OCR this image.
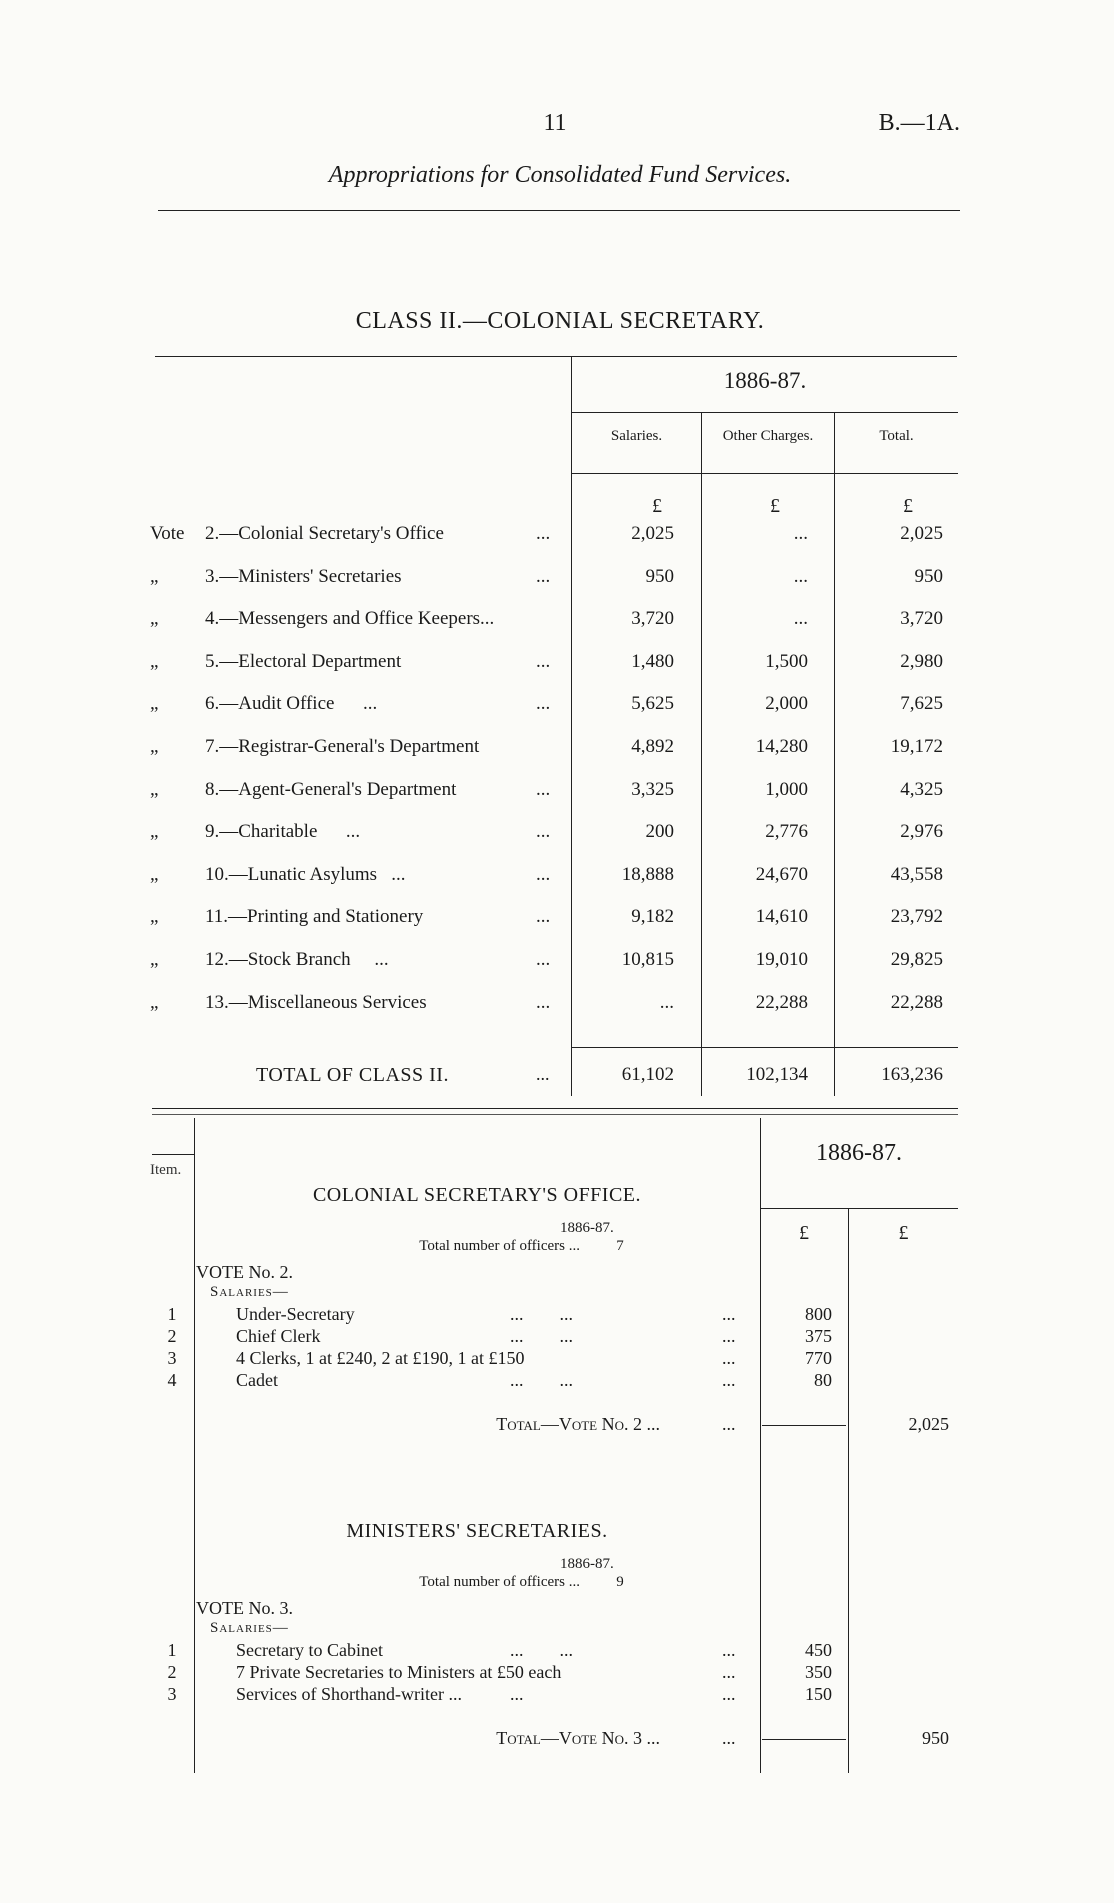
11	B.—1A.
Appropriations for Consolidated Fund Services.
CLASS II.—COLONIAL SECRETARY.
1886-87.
Salaries.	Other Charges.	Total.
£	£	£
Vote	2.—Colonial Secretary's Office	...	2,025	...	2,025
„	3.—Ministers' Secretaries	...	950	...	950
„	4.—Messengers and Office Keepers...	3,720	...	3,720
„	5.—Electoral Department	...	1,480	1,500	2,980
„	6.—Audit Office      ...	...	5,625	2,000	7,625
„	7.—Registrar-General's Department	4,892	14,280	19,172
„	8.—Agent-General's Department	...	3,325	1,000	4,325
„	9.—Charitable      ...	...	200	2,776	2,976
„	10.—Lunatic Asylums   ...	...	18,888	24,670	43,558
„	11.—Printing and Stationery	...	9,182	14,610	23,792
„	12.—Stock Branch     ...	...	10,815	19,010	29,825
„	13.—Miscellaneous Services	...	...	22,288	22,288
TOTAL OF CLASS II.	...	61,102	102,134	163,236
Item.
1886-87.
£	£
COLONIAL SECRETARY'S OFFICE.
1886-87.
Total number of officers ...	7
VOTE No. 2.
Salaries—
1	Under-Secretary	...        ...	...	800
2	Chief Clerk	...        ...	...	375
3	4 Clerks, 1 at £240, 2 at £190, 1 at £150	...	770
4	Cadet	...        ...	...	80
Total—Vote No. 2 ...	...	2,025
MINISTERS' SECRETARIES.
1886-87.
Total number of officers ...	9
VOTE No. 3.
Salaries—
1	Secretary to Cabinet	...        ...	...	450
2	7 Private Secretaries to Ministers at £50 each	...	350
3	Services of Shorthand-writer ...	...	...	150
Total—Vote No. 3 ...	...	950
